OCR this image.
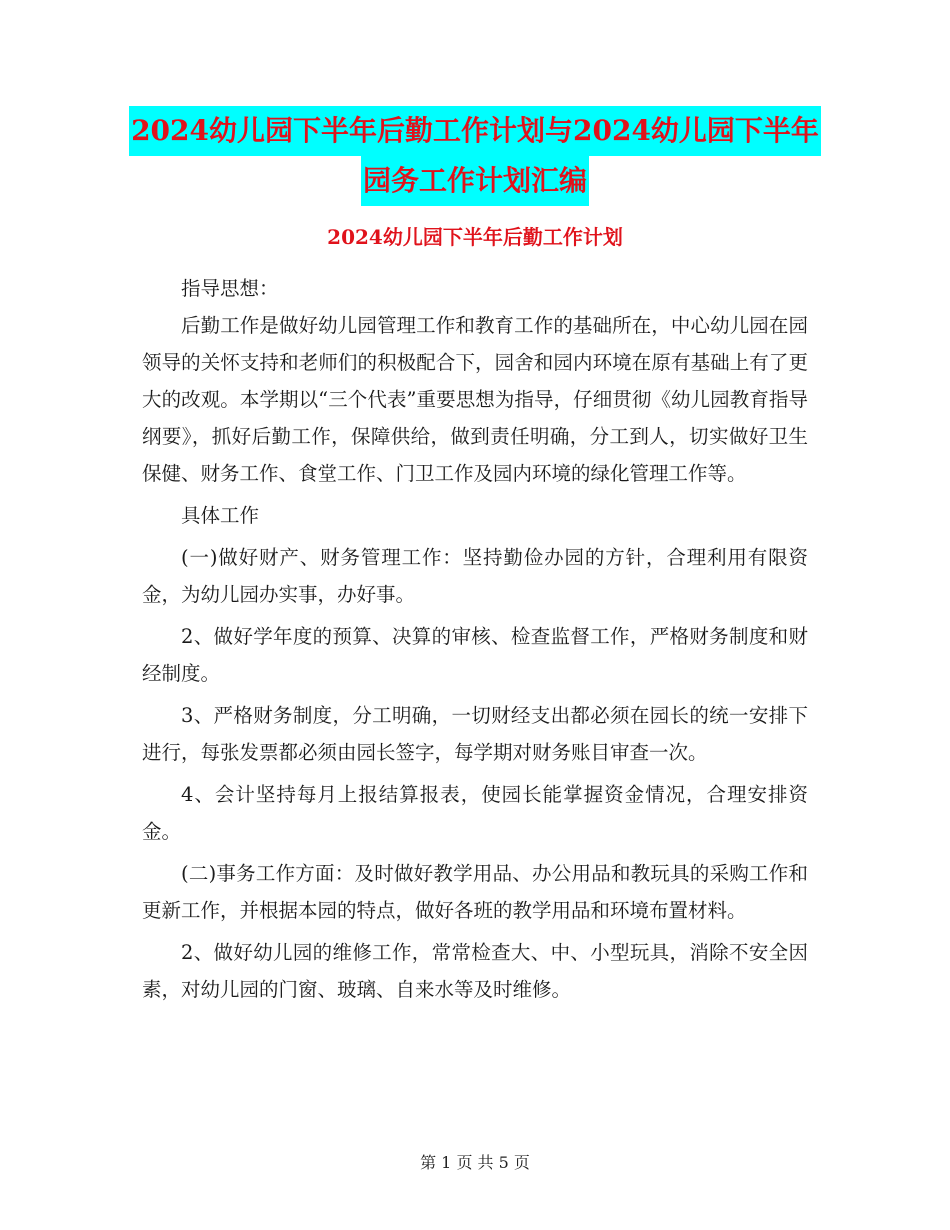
2024幼儿园下半年后勤工作计划与2024幼儿园下半年
园务工作计划汇编
2024幼儿园下半年后勤工作计划

指导思想：

后勤工作是做好幼儿园管理工作和教育工作的基础所在，中心幼儿园在园领导的关怀支持和老师们的积极配合下，园舍和园内环境在原有基础上有了更大的改观。本学期以“三个代表”重要思想为指导，仔细贯彻《幼儿园教育指导纲要》，抓好后勤工作，保障供给，做到责任明确，分工到人，切实做好卫生保健、财务工作、食堂工作、门卫工作及园内环境的绿化管理工作等。

具体工作

(一)做好财产、财务管理工作：坚持勤俭办园的方针，合理利用有限资金，为幼儿园办实事，办好事。

2、做好学年度的预算、决算的审核、检查监督工作，严格财务制度和财经制度。

3、严格财务制度，分工明确，一切财经支出都必须在园长的统一安排下进行，每张发票都必须由园长签字，每学期对财务账目审查一次。

4、会计坚持每月上报结算报表，使园长能掌握资金情况，合理安排资金。

(二)事务工作方面：及时做好教学用品、办公用品和教玩具的采购工作和更新工作，并根据本园的特点，做好各班的教学用品和环境布置材料。

2、做好幼儿园的维修工作，常常检查大、中、小型玩具，消除不安全因素，对幼儿园的门窗、玻璃、自来水等及时维修。

第 1 页 共 5 页
